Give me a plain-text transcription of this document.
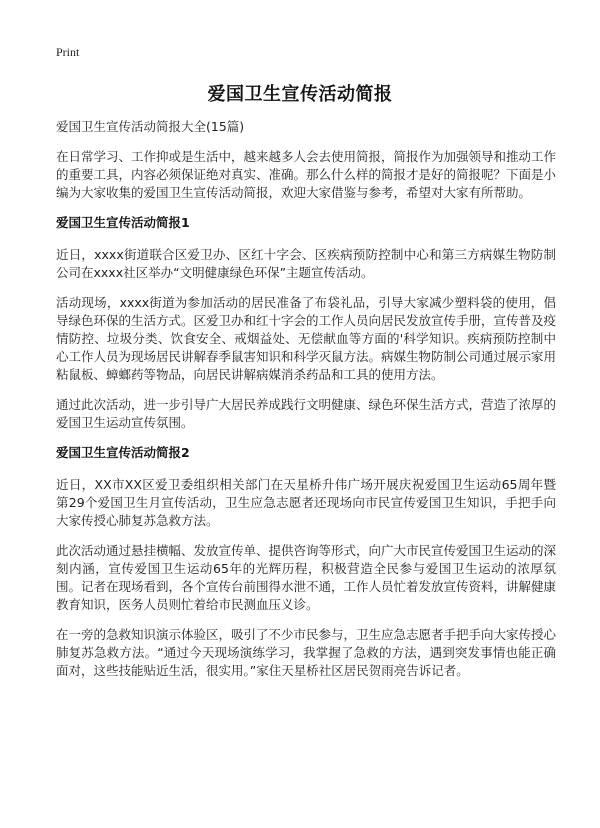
Print
爱国卫生宣传活动简报

爱国卫生宣传活动简报大全(15篇)

在日常学习、工作抑或是生活中，越来越多人会去使用简报，简报作为加强领导和推动工作的重要工具，内容必须保证绝对真实、准确。那么什么样的简报才是好的简报呢？下面是小编为大家收集的爱国卫生宣传活动简报，欢迎大家借鉴与参考，希望对大家有所帮助。

爱国卫生宣传活动简报1

近日，xxxx街道联合区爱卫办、区红十字会、区疾病预防控制中心和第三方病媒生物防制公司在xxxx社区举办“文明健康绿色环保”主题宣传活动。

活动现场，xxxx街道为参加活动的居民准备了布袋礼品，引导大家减少塑料袋的使用，倡导绿色环保的生活方式。区爱卫办和红十字会的工作人员向居民发放宣传手册，宣传普及疫情防控、垃圾分类、饮食安全、戒烟益处、无偿献血等方面的'科学知识。疾病预防控制中心工作人员为现场居民讲解春季鼠害知识和科学灭鼠方法。病媒生物防制公司通过展示家用粘鼠板、蟑螂药等物品，向居民讲解病媒消杀药品和工具的使用方法。

通过此次活动，进一步引导广大居民养成践行文明健康、绿色环保生活方式，营造了浓厚的爱国卫生运动宣传氛围。

爱国卫生宣传活动简报2

近日，XX市XX区爱卫委组织相关部门在天星桥升伟广场开展庆祝爱国卫生运动65周年暨第29个爱国卫生月宣传活动，卫生应急志愿者还现场向市民宣传爱国卫生知识，手把手向大家传授心肺复苏急救方法。

此次活动通过悬挂横幅、发放宣传单、提供咨询等形式，向广大市民宣传爱国卫生运动的深刻内涵，宣传爱国卫生运动65年的光辉历程，积极营造全民参与爱国卫生运动的浓厚氛围。记者在现场看到，各个宣传台前围得水泄不通，工作人员忙着发放宣传资料，讲解健康教育知识，医务人员则忙着给市民测血压义诊。

在一旁的急救知识演示体验区，吸引了不少市民参与，卫生应急志愿者手把手向大家传授心肺复苏急救方法。“通过今天现场演练学习，我掌握了急救的方法，遇到突发事情也能正确面对，这些技能贴近生活，很实用。”家住天星桥社区居民贺雨亮告诉记者。
